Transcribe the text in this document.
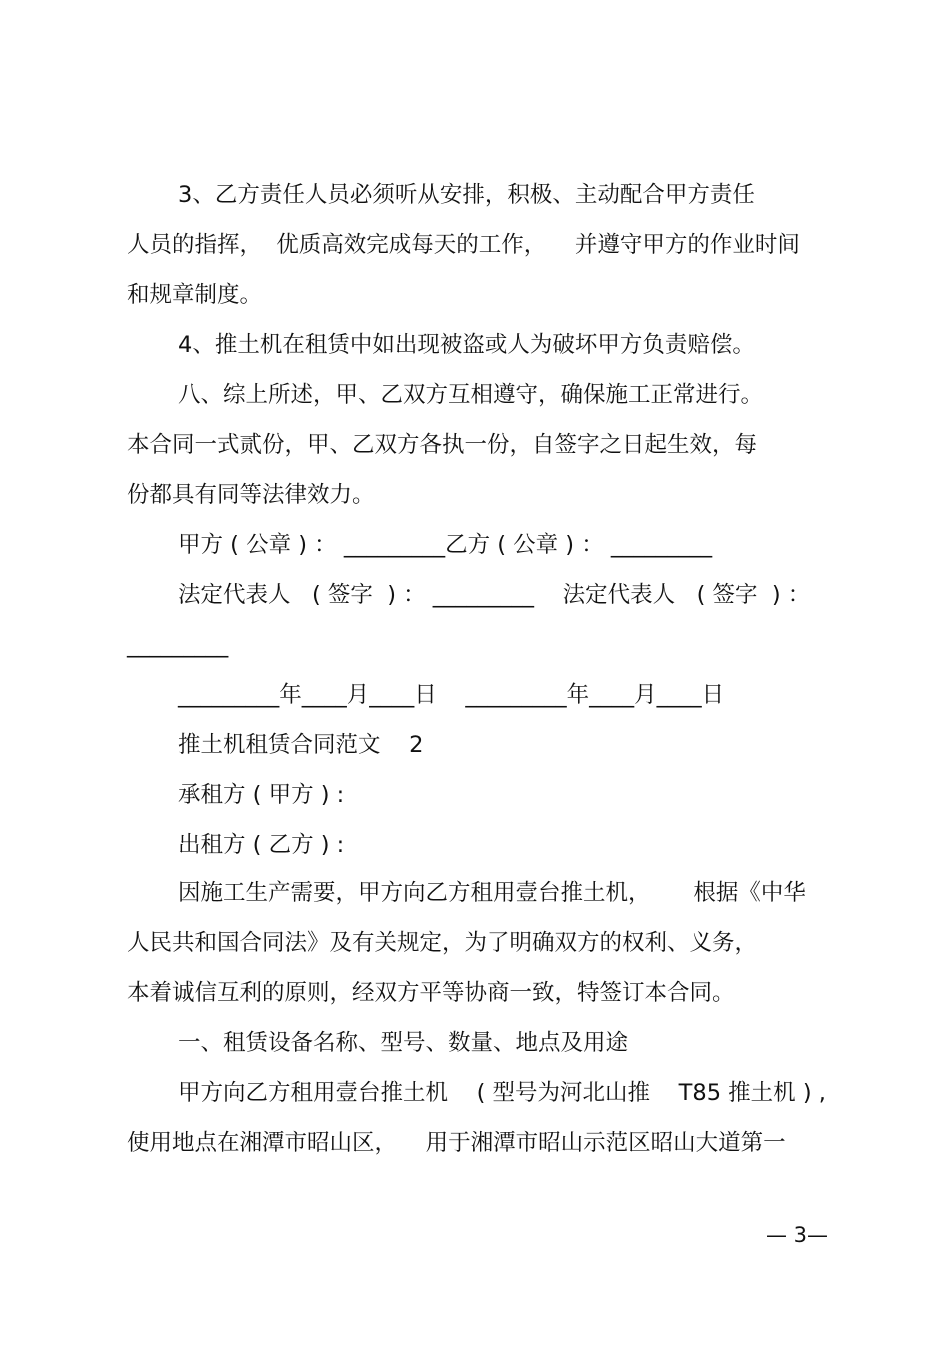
3、乙方责任人员必须听从安排，积极、主动配合甲方责任

人员的指挥，  优质高效完成每天的工作，    并遵守甲方的作业时间

和规章制度。

4、推土机在租赁中如出现被盗或人为破坏甲方负责赔偿。

八、综上所述，甲、乙双方互相遵守，确保施工正常进行。

本合同一式贰份，甲、乙双方各执一份，自签字之日起生效，每

份都具有同等法律效力。

甲方 ( 公章 ) ： _________乙方 ( 公章 ) ： _________

法定代表人   ( 签字  ) ： _________    法定代表人   ( 签字  ) ：

_________

_________年____月____日    _________年____月____日

推土机租赁合同范文    2

承租方 ( 甲方 ) :

出租方 ( 乙方 ) :

因施工生产需要，甲方向乙方租用壹台推土机，      根据《中华

人民共和国合同法》及有关规定，为了明确双方的权利、义务，

本着诚信互利的原则，经双方平等协商一致，特签订本合同。

一、租赁设备名称、型号、数量、地点及用途

甲方向乙方租用壹台推土机    ( 型号为河北山推    T85 推土机 ) ,

使用地点在湘潭市昭山区，    用于湘潭市昭山示范区昭山大道第一

— 3—
